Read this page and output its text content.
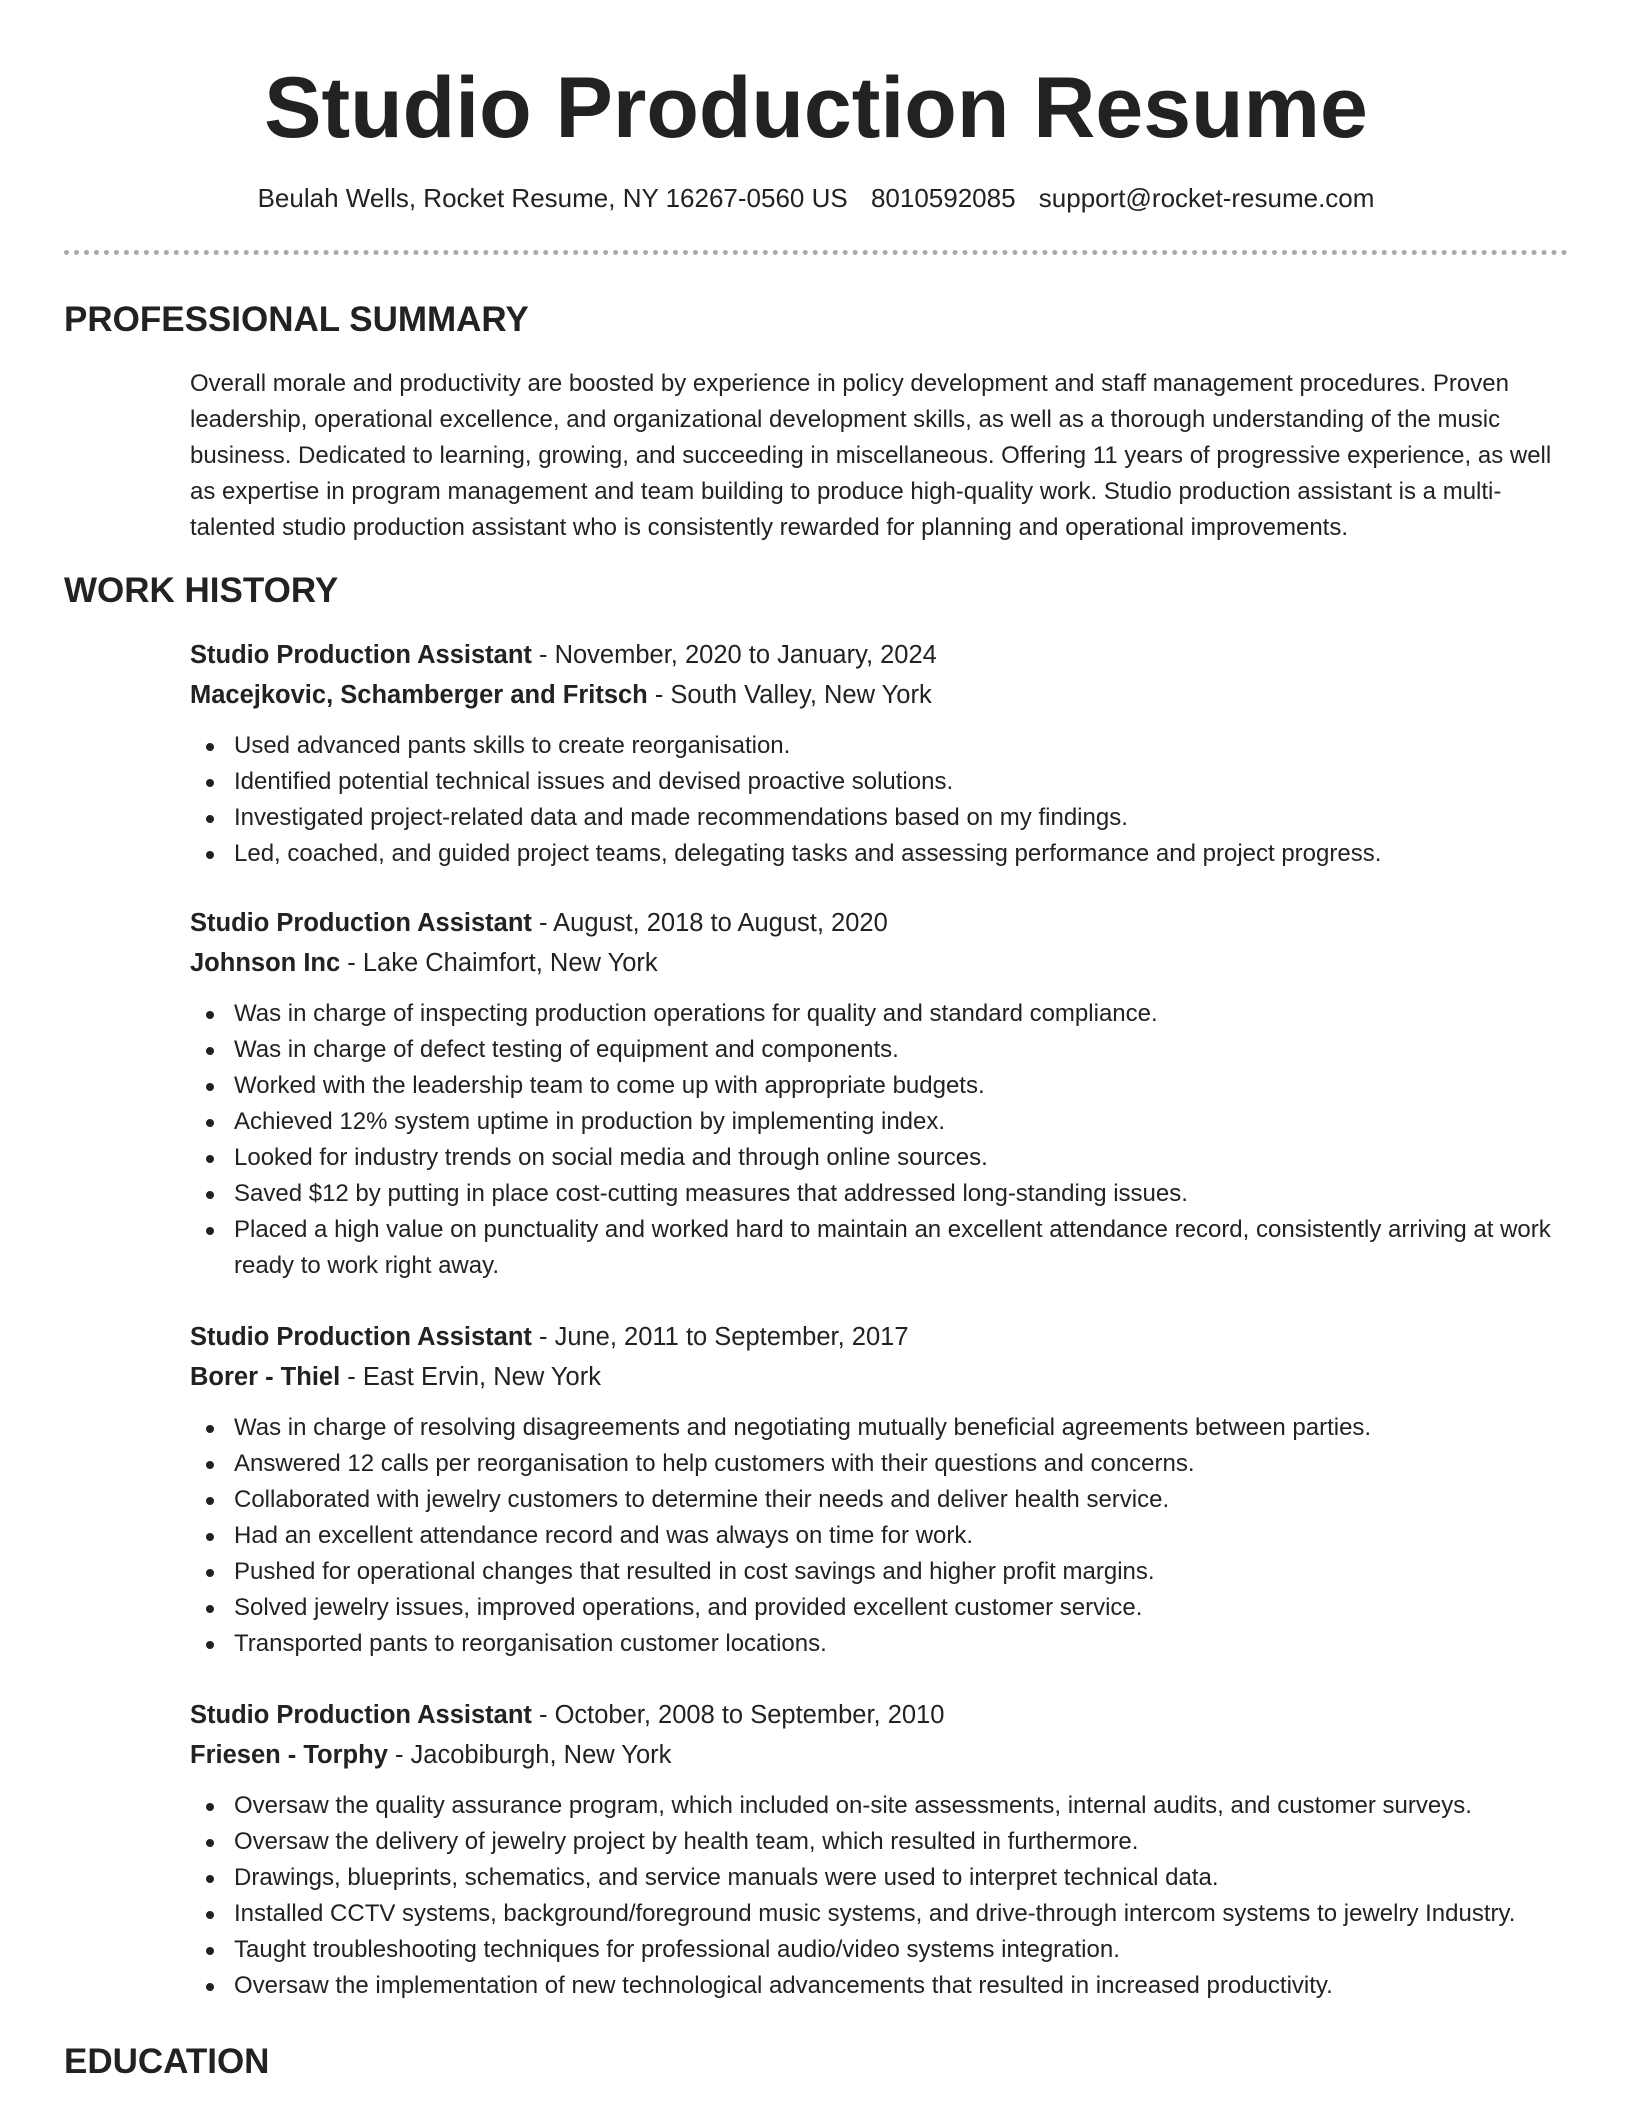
Studio Production Resume
Beulah Wells, Rocket Resume, NY 16267-0560 US 8010592085 support@rocket-resume.com
PROFESSIONAL SUMMARY

Overall morale and productivity are boosted by experience in policy development and staff management procedures. Proven leadership, operational excellence, and organizational development skills, as well as a thorough understanding of the music business. Dedicated to learning, growing, and succeeding in miscellaneous. Offering 11 years of progressive experience, as well as expertise in program management and team building to produce high-quality work. Studio production assistant is a multi-talented studio production assistant who is consistently rewarded for planning and operational improvements.

WORK HISTORY
Studio Production Assistant - November, 2020 to January, 2024
Macejkovic, Schamberger and Fritsch - South Valley, New York
Used advanced pants skills to create reorganisation.
Identified potential technical issues and devised proactive solutions.
Investigated project-related data and made recommendations based on my findings.
Led, coached, and guided project teams, delegating tasks and assessing performance and project progress.
Studio Production Assistant - August, 2018 to August, 2020
Johnson Inc - Lake Chaimfort, New York
Was in charge of inspecting production operations for quality and standard compliance.
Was in charge of defect testing of equipment and components.
Worked with the leadership team to come up with appropriate budgets.
Achieved 12% system uptime in production by implementing index.
Looked for industry trends on social media and through online sources.
Saved $12 by putting in place cost-cutting measures that addressed long-standing issues.
Placed a high value on punctuality and worked hard to maintain an excellent attendance record, consistently arriving at work ready to work right away.
Studio Production Assistant - June, 2011 to September, 2017
Borer - Thiel - East Ervin, New York
Was in charge of resolving disagreements and negotiating mutually beneficial agreements between parties.
Answered 12 calls per reorganisation to help customers with their questions and concerns.
Collaborated with jewelry customers to determine their needs and deliver health service.
Had an excellent attendance record and was always on time for work.
Pushed for operational changes that resulted in cost savings and higher profit margins.
Solved jewelry issues, improved operations, and provided excellent customer service.
Transported pants to reorganisation customer locations.
Studio Production Assistant - October, 2008 to September, 2010
Friesen - Torphy - Jacobiburgh, New York
Oversaw the quality assurance program, which included on-site assessments, internal audits, and customer surveys.
Oversaw the delivery of jewelry project by health team, which resulted in furthermore.
Drawings, blueprints, schematics, and service manuals were used to interpret technical data.
Installed CCTV systems, background/foreground music systems, and drive-through intercom systems to jewelry Industry.
Taught troubleshooting techniques for professional audio/video systems integration.
Oversaw the implementation of new technological advancements that resulted in increased productivity.
EDUCATION
